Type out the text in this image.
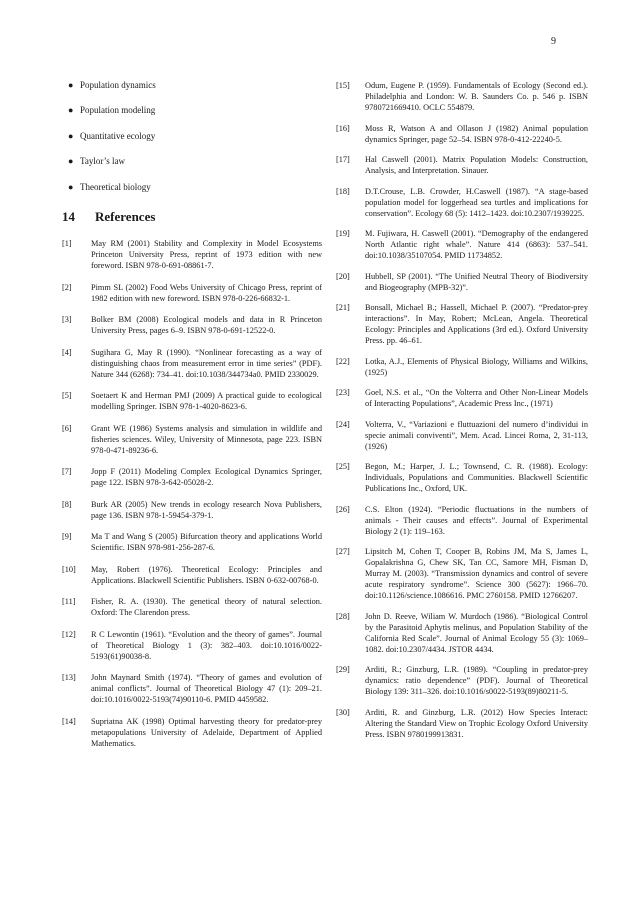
9
● Population dynamics
● Population modeling
● Quantitative ecology
● Taylor’s law
● Theoretical biology
14 References
[1]	May RM (2001) Stability and Complexity in Model Ecosystems Princeton University Press, reprint of 1973 edition with new foreword. ISBN 978-0-691-08861-7.
[2]	Pimm SL (2002) Food Webs University of Chicago Press, reprint of 1982 edition with new foreword. ISBN 978-0-226-66832-1.
[3]	Bolker BM (2008) Ecological models and data in R Princeton University Press, pages 6–9. ISBN 978-0-691-12522-0.
[4]	Sugihara G, May R (1990). “Nonlinear forecasting as a way of distinguishing chaos from measurement error in time series” (PDF). Nature 344 (6268): 734–41. doi:10.1038/344734a0. PMID 2330029.
[5]	Soetaert K and Herman PMJ (2009) A practical guide to ecological modelling Springer. ISBN 978-1-4020-8623-6.
[6]	Grant WE (1986) Systems analysis and simulation in wildlife and fisheries sciences. Wiley, University of Minnesota, page 223. ISBN 978-0-471-89236-6.
[7]	Jopp F (2011) Modeling Complex Ecological Dynamics Springer, page 122. ISBN 978-3-642-05028-2.
[8]	Burk AR (2005) New trends in ecology research Nova Publishers, page 136. ISBN 978-1-59454-379-1.
[9]	Ma T and Wang S (2005) Bifurcation theory and applications World Scientific. ISBN 978-981-256-287-6.
[10]	May, Robert (1976). Theoretical Ecology: Principles and Applications. Blackwell Scientific Publishers. ISBN 0-632-00768-0.
[11]	Fisher, R. A. (1930). The genetical theory of natural selection. Oxford: The Clarendon press.
[12]	R C Lewontin (1961). “Evolution and the theory of games”. Journal of Theoretical Biology 1 (3): 382–403. doi:10.1016/0022-5193(61)90038-8.
[13]	John Maynard Smith (1974). “Theory of games and evolution of animal conflicts”. Journal of Theoretical Biology 47 (1): 209–21. doi:10.1016/0022-5193(74)90110-6. PMID 4459582.
[14]	Supriatna AK (1998) Optimal harvesting theory for predator-prey metapopulations University of Adelaide, Department of Applied Mathematics.
[15]	Odum, Eugene P. (1959). Fundamentals of Ecology (Second ed.). Philadelphia and London: W. B. Saunders Co. p. 546 p. ISBN 9780721669410. OCLC 554879.
[16]	Moss R, Watson A and Ollason J (1982) Animal population dynamics Springer, page 52–54. ISBN 978-0-412-22240-5.
[17]	Hal Caswell (2001). Matrix Population Models: Construction, Analysis, and Interpretation. Sinauer.
[18]	D.T.Crouse, L.B. Crowder, H.Caswell (1987). “A stage-based population model for loggerhead sea turtles and implications for conservation”. Ecology 68 (5): 1412–1423. doi:10.2307/1939225.
[19]	M. Fujiwara, H. Caswell (2001). “Demography of the endangered North Atlantic right whale”. Nature 414 (6863): 537–541. doi:10.1038/35107054. PMID 11734852.
[20]	Hubbell, SP (2001). “The Unified Neutral Theory of Biodiversity and Biogeography (MPB-32)”.
[21]	Bonsall, Michael B.; Hassell, Michael P. (2007). “Predator-prey interactions”. In May, Robert; McLean, Angela. Theoretical Ecology: Principles and Applications (3rd ed.). Oxford University Press. pp. 46–61.
[22]	Lotka, A.J., Elements of Physical Biology, Williams and Wilkins, (1925)
[23]	Goel, N.S. et al., “On the Volterra and Other Non-Linear Models of Interacting Populations”, Academic Press Inc., (1971)
[24]	Volterra, V., “Variazioni e fluttuazioni del numero d’individui in specie animali conviventi”, Mem. Acad. Lincei Roma, 2, 31-113, (1926)
[25]	Begon, M.; Harper, J. L.; Townsend, C. R. (1988). Ecology: Individuals, Populations and Communities. Blackwell Scientific Publications Inc., Oxford, UK.
[26]	C.S. Elton (1924). “Periodic fluctuations in the numbers of animals - Their causes and effects”. Journal of Experimental Biology 2 (1): 119–163.
[27]	Lipsitch M, Cohen T, Cooper B, Robins JM, Ma S, James L, Gopalakrishna G, Chew SK, Tan CC, Samore MH, Fisman D, Murray M. (2003). “Transmission dynamics and control of severe acute respiratory syndrome”. Science 300 (5627): 1966–70. doi:10.1126/science.1086616. PMC 2760158. PMID 12766207.
[28]	John D. Reeve, Wiliam W. Murdoch (1986). “Biological Control by the Parasitoid Aphytis melinus, and Population Stability of the California Red Scale”. Journal of Animal Ecology 55 (3): 1069–1082. doi:10.2307/4434. JSTOR 4434.
[29]	Arditi, R.; Ginzburg, L.R. (1989). “Coupling in predator-prey dynamics: ratio dependence” (PDF). Journal of Theoretical Biology 139: 311–326. doi:10.1016/s0022-5193(89)80211-5.
[30]	Arditi, R. and Ginzburg, L.R. (2012) How Species Interact: Altering the Standard View on Trophic Ecology Oxford University Press. ISBN 9780199913831.
